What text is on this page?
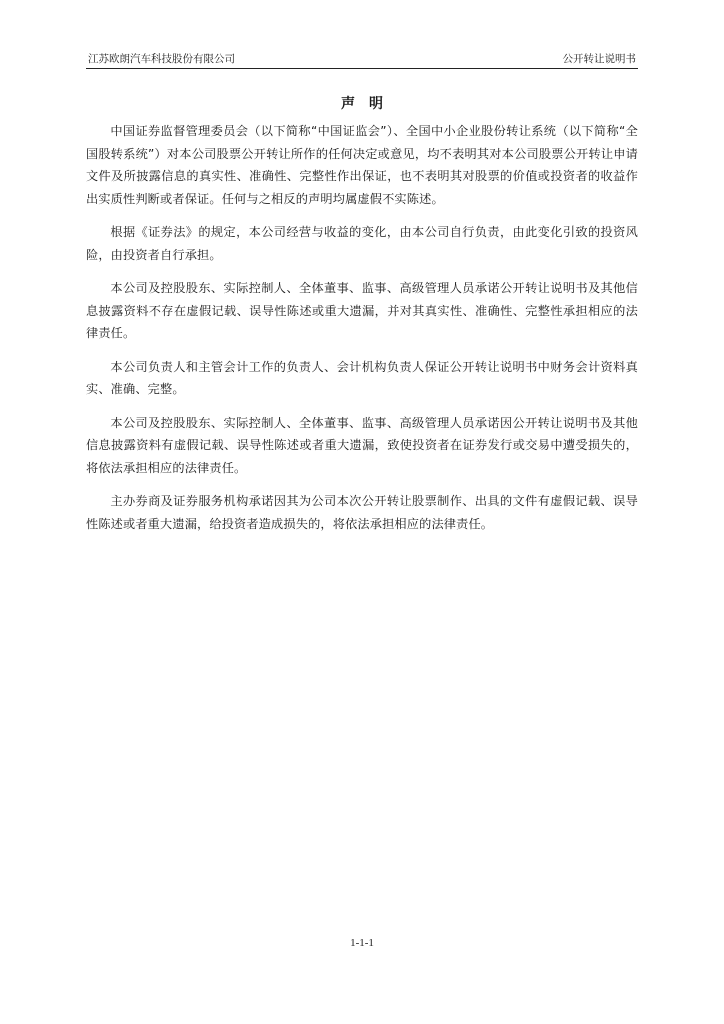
江苏欧朗汽车科技股份有限公司	公开转让说明书
声明

中国证券监督管理委员会（以下简称“中国证监会”）、全国中小企业股份转让系统（以下简称“全国股转系统”）对本公司股票公开转让所作的任何决定或意见，均不表明其对本公司股票公开转让申请文件及所披露信息的真实性、准确性、完整性作出保证，也不表明其对股票的价值或投资者的收益作出实质性判断或者保证。任何与之相反的声明均属虚假不实陈述。

根据《证券法》的规定，本公司经营与收益的变化，由本公司自行负责，由此变化引致的投资风险，由投资者自行承担。

本公司及控股股东、实际控制人、全体董事、监事、高级管理人员承诺公开转让说明书及其他信息披露资料不存在虚假记载、误导性陈述或重大遗漏，并对其真实性、准确性、完整性承担相应的法律责任。

本公司负责人和主管会计工作的负责人、会计机构负责人保证公开转让说明书中财务会计资料真实、准确、完整。

本公司及控股股东、实际控制人、全体董事、监事、高级管理人员承诺因公开转让说明书及其他信息披露资料有虚假记载、误导性陈述或者重大遗漏，致使投资者在证券发行或交易中遭受损失的，将依法承担相应的法律责任。

主办券商及证券服务机构承诺因其为公司本次公开转让股票制作、出具的文件有虚假记载、误导性陈述或者重大遗漏，给投资者造成损失的，将依法承担相应的法律责任。

1-1-1
